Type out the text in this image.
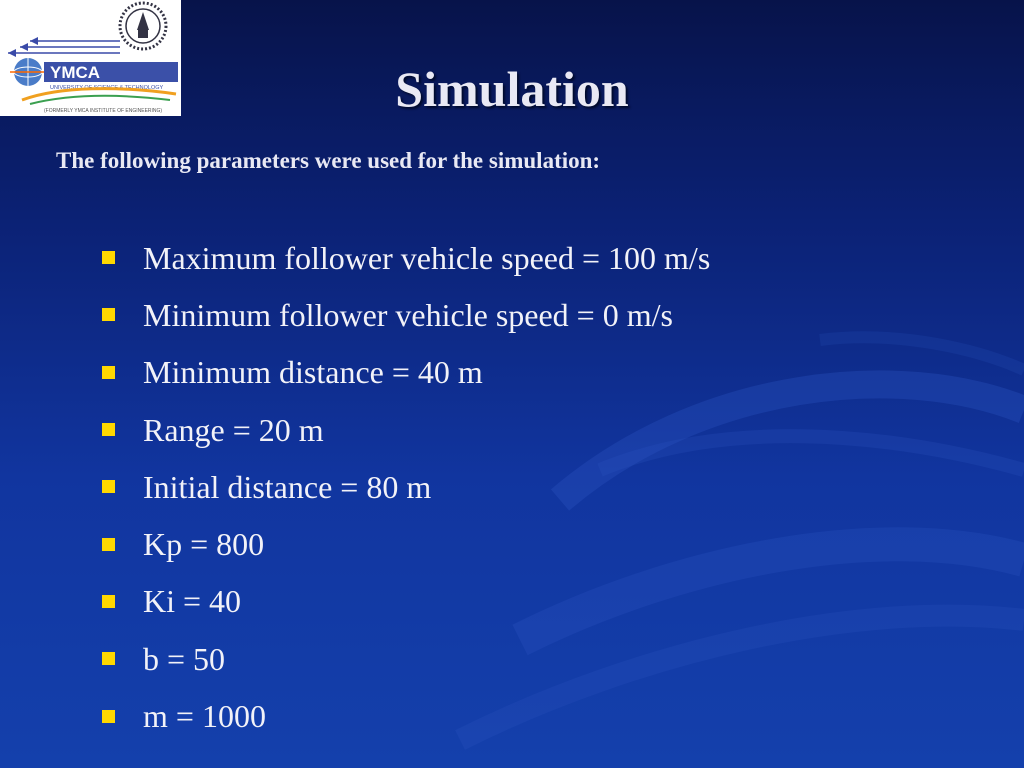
YMCA
UNIVERSITY OF SCIENCE & TECHNOLOGY
(FORMERLY YMCA INSTITUTE OF ENGINEERING)	Simulation

The following parameters were used for the simulation:

Maximum follower vehicle speed = 100 m/s
Minimum follower vehicle speed = 0 m/s
Minimum distance = 40 m
Range = 20 m
Initial distance = 80 m
Kp = 800
Ki = 40
b = 50
m = 1000
